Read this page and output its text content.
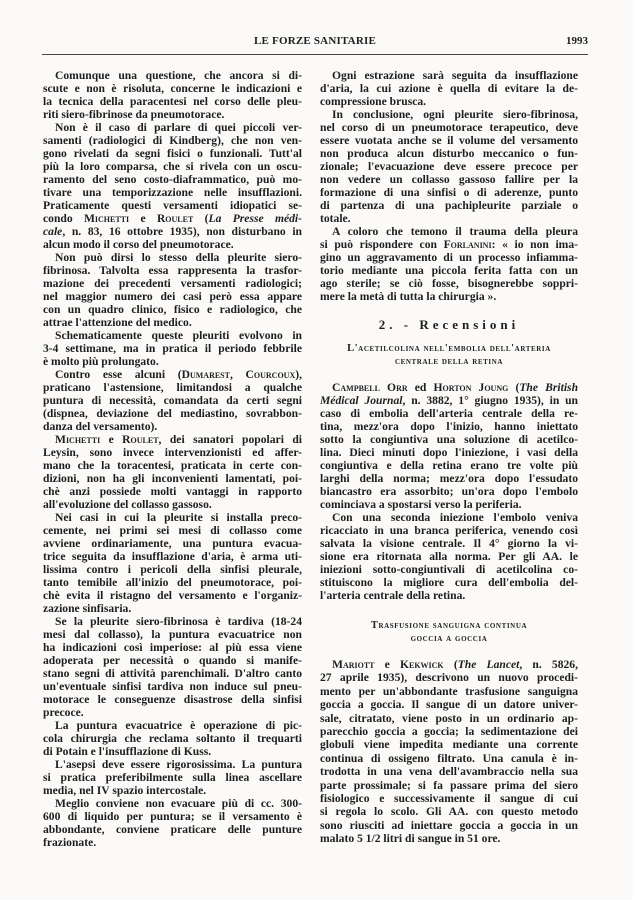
LE FORZE SANITARIE	1993
Comunque una questione, che ancora si di-
scute e non è risoluta, concerne le indicazioni e
la tecnica della paracentesi nel corso delle pleu-
riti siero-fibrinose da pneumotorace.
Non è il caso di parlare di quei piccoli ver-
samenti (radiologici di Kindberg), che non ven-
gono rivelati da segni fisici o funzionali. Tutt'al
più la loro comparsa, che si rivela con un oscu-
ramento del seno costo-diaframmatico, può mo-
tivare una temporizzazione nelle insufflazioni.
Praticamente questi versamenti idiopatici se-
condo Michetti e Roulet (La Presse médi-
cale, n. 83, 16 ottobre 1935), non disturbano in
alcun modo il corso del pneumotorace.
Non può dirsi lo stesso della pleurite siero-
fibrinosa. Talvolta essa rappresenta la trasfor-
mazione dei precedenti versamenti radiologici;
nel maggior numero dei casi però essa appare
con un quadro clinico, fisico e radiologico, che
attrae l'attenzione del medico.
Schematicamente queste pleuriti evolvono in
3-4 settimane, ma in pratica il periodo febbrile
è molto più prolungato.
Contro esse alcuni (Dumarest, Courcoux),
praticano l'astensione, limitandosi a qualche
puntura di necessità, comandata da certi segni
(dispnea, deviazione del mediastino, sovrabbon-
danza del versamento).
Michetti e Roulet, dei sanatori popolari di
Leysin, sono invece intervenzionisti ed affer-
mano che la toracentesi, praticata in certe con-
dizioni, non ha gli inconvenienti lamentati, poi-
chè anzi possiede molti vantaggi in rapporto
all'evoluzione del collasso gassoso.
Nei casi in cui la pleurite si installa preco-
cemente, nei primi sei mesi di collasso come
avviene ordinariamente, una puntura evacua-
trice seguita da insufflazione d'aria, è arma uti-
lissima contro i pericoli della sinfisi pleurale,
tanto temibile all'inizio del pneumotorace, poi-
chè evita il ristagno del versamento e l'organiz-
zazione sinfisaria.
Se la pleurite siero-fibrinosa è tardiva (18-24
mesi dal collasso), la puntura evacuatrice non
ha indicazioni così imperiose: al più essa viene
adoperata per necessità o quando si manife-
stano segni di attività parenchimali. D'altro canto
un'eventuale sinfisi tardiva non induce sul pneu-
motorace le conseguenze disastrose della sinfisi
precoce.
La puntura evacuatrice è operazione di pic-
cola chirurgia che reclama soltanto il trequarti
di Potain e l'insufflazione di Kuss.
L'asepsi deve essere rigorosissima. La puntura
si pratica preferibilmente sulla linea ascellare
media, nel IV spazio intercostale.
Meglio conviene non evacuare più di cc. 300-
600 di liquido per puntura; se il versamento è
abbondante, conviene praticare delle punture
frazionate.
Ogni estrazione sarà seguita da insufflazione
d'aria, la cui azione è quella di evitare la de-
compressione brusca.
In conclusione, ogni pleurite siero-fibrinosa,
nel corso di un pneumotorace terapeutico, deve
essere vuotata anche se il volume del versamento
non produca alcun disturbo meccanico o fun-
zionale; l'evacuazione deve essere precoce per
non vedere un collasso gassoso fallire per la
formazione di una sinfisi o di aderenze, punto
di partenza di una pachipleurite parziale o
totale.
A coloro che temono il trauma della pleura
si può rispondere con Forlanini: « io non ima-
gino un aggravamento di un processo infiamma-
torio mediante una piccola ferita fatta con un
ago sterile; se ciò fosse, bisognerebbe soppri-
mere la metà di tutta la chirurgia ».
2. - Recensioni
L'acetilcolina nell'embolia dell'arteria
centrale della retina
Campbell Orr ed Horton Joung (The British
Médical Journal, n. 3882, 1° giugno 1935), in un
caso di embolia dell'arteria centrale della re-
tina, mezz'ora dopo l'inizio, hanno iniettato
sotto la congiuntiva una soluzione di acetilco-
lina. Dieci minuti dopo l'iniezione, i vasi della
congiuntiva e della retina erano tre volte più
larghi della norma; mezz'ora dopo l'essudato
biancastro era assorbito; un'ora dopo l'embolo
cominciava a spostarsi verso la periferia.
Con una seconda iniezione l'embolo veniva
ricacciato in una branca periferica, venendo così
salvata la visione centrale. Il 4° giorno la vi-
sione era ritornata alla norma. Per gli AA. le
iniezioni sotto-congiuntivali di acetilcolina co-
stituiscono la migliore cura dell'embolia del-
l'arteria centrale della retina.
Trasfusione sanguigna continua
goccia a goccia
Mariott e Kekwick (The Lancet, n. 5826,
27 aprile 1935), descrivono un nuovo procedi-
mento per un'abbondante trasfusione sanguigna
goccia a goccia. Il sangue di un datore univer-
sale, citratato, viene posto in un ordinario ap-
parecchio goccia a goccia; la sedimentazione dei
globuli viene impedita mediante una corrente
continua di ossigeno filtrato. Una canula è in-
trodotta in una vena dell'avambraccio nella sua
parte prossimale; si fa passare prima del siero
fisiologico e successivamente il sangue di cui
si regola lo scolo. Gli AA. con questo metodo
sono riusciti ad iniettare goccia a goccia in un
malato 5 1/2 litri di sangue in 51 ore.
